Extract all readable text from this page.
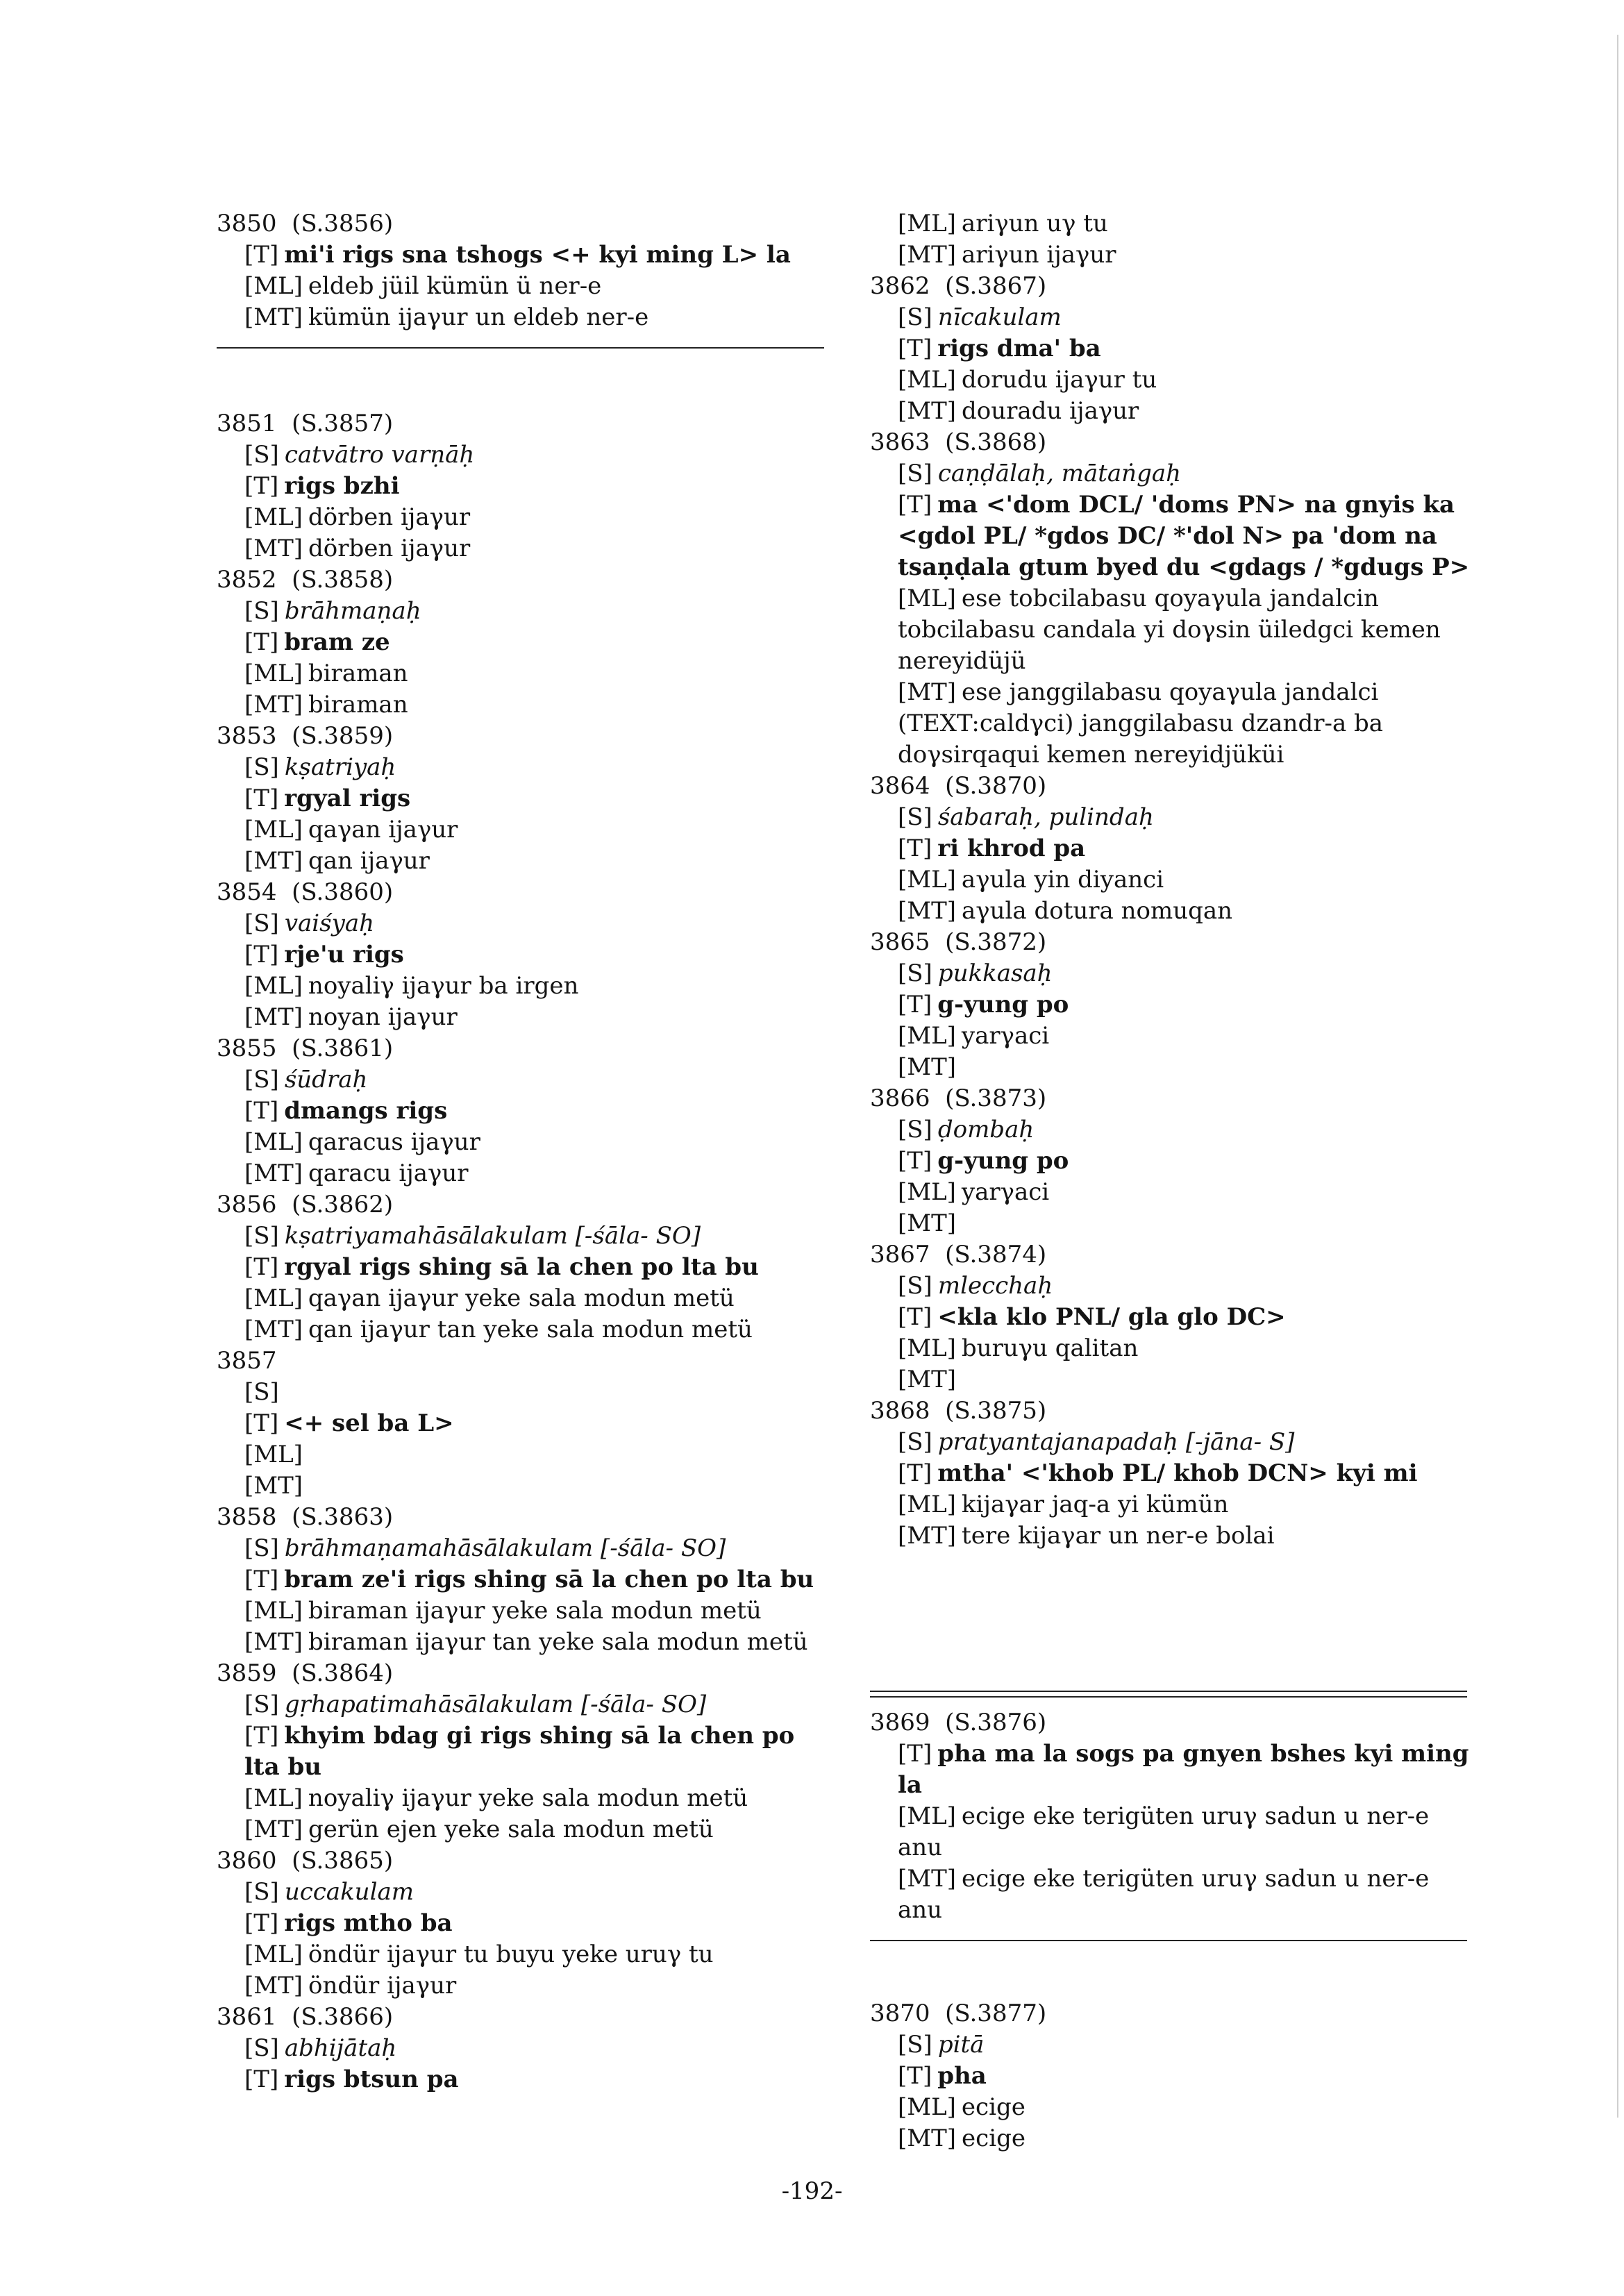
3850 (S.3856)
[T] mi'i rigs sna tshogs <+ kyi ming L> la
[ML] eldeb jüil kümün ü ner-e
[MT] kümün ijaγur un eldeb ner-e
3851 (S.3857)
[S] catvātro varṇāḥ
[T] rigs bzhi
[ML] dörben ijaγur
[MT] dörben ijaγur
3852 (S.3858)
[S] brāhmaṇaḥ
[T] bram ze
[ML] biraman
[MT] biraman
3853 (S.3859)
[S] kṣatriyaḥ
[T] rgyal rigs
[ML] qaγan ijaγur
[MT] qan ijaγur
3854 (S.3860)
[S] vaiśyaḥ
[T] rje'u rigs
[ML] noyaliγ ijaγur ba irgen
[MT] noyan ijaγur
3855 (S.3861)
[S] śūdraḥ
[T] dmangs rigs
[ML] qaracus ijaγur
[MT] qaracu ijaγur
3856 (S.3862)
[S] kṣatriyamahāsālakulam [-śāla- SO]
[T] rgyal rigs shing sā la chen po lta bu
[ML] qaγan ijaγur yeke sala modun metü
[MT] qan ijaγur tan yeke sala modun metü
3857
[S]
[T] <+ sel ba L>
[ML]
[MT]
3858 (S.3863)
[S] brāhmaṇamahāsālakulam [-śāla- SO]
[T] bram ze'i rigs shing sā la chen po lta bu
[ML] biraman ijaγur yeke sala modun metü
[MT] biraman ijaγur tan yeke sala modun metü
3859 (S.3864)
[S] gṛhapatimahāsālakulam [-śāla- SO]
[T] khyim bdag gi rigs shing sā la chen po lta bu
[ML] noyaliγ ijaγur yeke sala modun metü
[MT] gerün ejen yeke sala modun metü
3860 (S.3865)
[S] uccakulam
[T] rigs mtho ba
[ML] öndür ijaγur tu buyu yeke uruγ tu
[MT] öndür ijaγur
3861 (S.3866)
[S] abhijātaḥ
[T] rigs btsun pa
[ML] ariγun uγ tu
[MT] ariγun ijaγur
3862 (S.3867)
[S] nīcakulam
[T] rigs dma' ba
[ML] dorudu ijaγur tu
[MT] douradu ijaγur
3863 (S.3868)
[S] caṇḍālaḥ, mātaṅgaḥ
[T] ma <'dom DCL/ 'doms PN> na gnyis ka <gdol PL/ *gdos DC/ *'dol N> pa 'dom na tsaṇḍala gtum byed du <gdags / *gdugs P>
[ML] ese tobcilabasu qoyaγula jandalcin tobcilabasu candala yi doγsin üiledgci kemen nereyidüjü
[MT] ese janggilabasu qoyaγula jandalci (TEXT:caldγci) janggilabasu dzandr-a ba doγsirqaqui kemen nereyidjüküi
3864 (S.3870)
[S] śabaraḥ, pulindaḥ
[T] ri khrod pa
[ML] aγula yin diyanci
[MT] aγula dotura nomuqan
3865 (S.3872)
[S] pukkasaḥ
[T] g-yung po
[ML] yarγaci
[MT]
3866 (S.3873)
[S] ḍombaḥ
[T] g-yung po
[ML] yarγaci
[MT]
3867 (S.3874)
[S] mlecchaḥ
[T] <kla klo PNL/ gla glo DC>
[ML] buruγu qalitan
[MT]
3868 (S.3875)
[S] pratyantajanapadaḥ [-jāna- S]
[T] mtha' <'khob PL/ khob DCN> kyi mi
[ML] kijaγar jaq-a yi kümün
[MT] tere kijaγar un ner-e bolai
3869 (S.3876)
[T] pha ma la sogs pa gnyen bshes kyi ming la
[ML] ecige eke terigüten uruγ sadun u ner-e anu
[MT] ecige eke terigüten uruγ sadun u ner-e anu
3870 (S.3877)
[S] pitā
[T] pha
[ML] ecige
[MT] ecige
-192-
